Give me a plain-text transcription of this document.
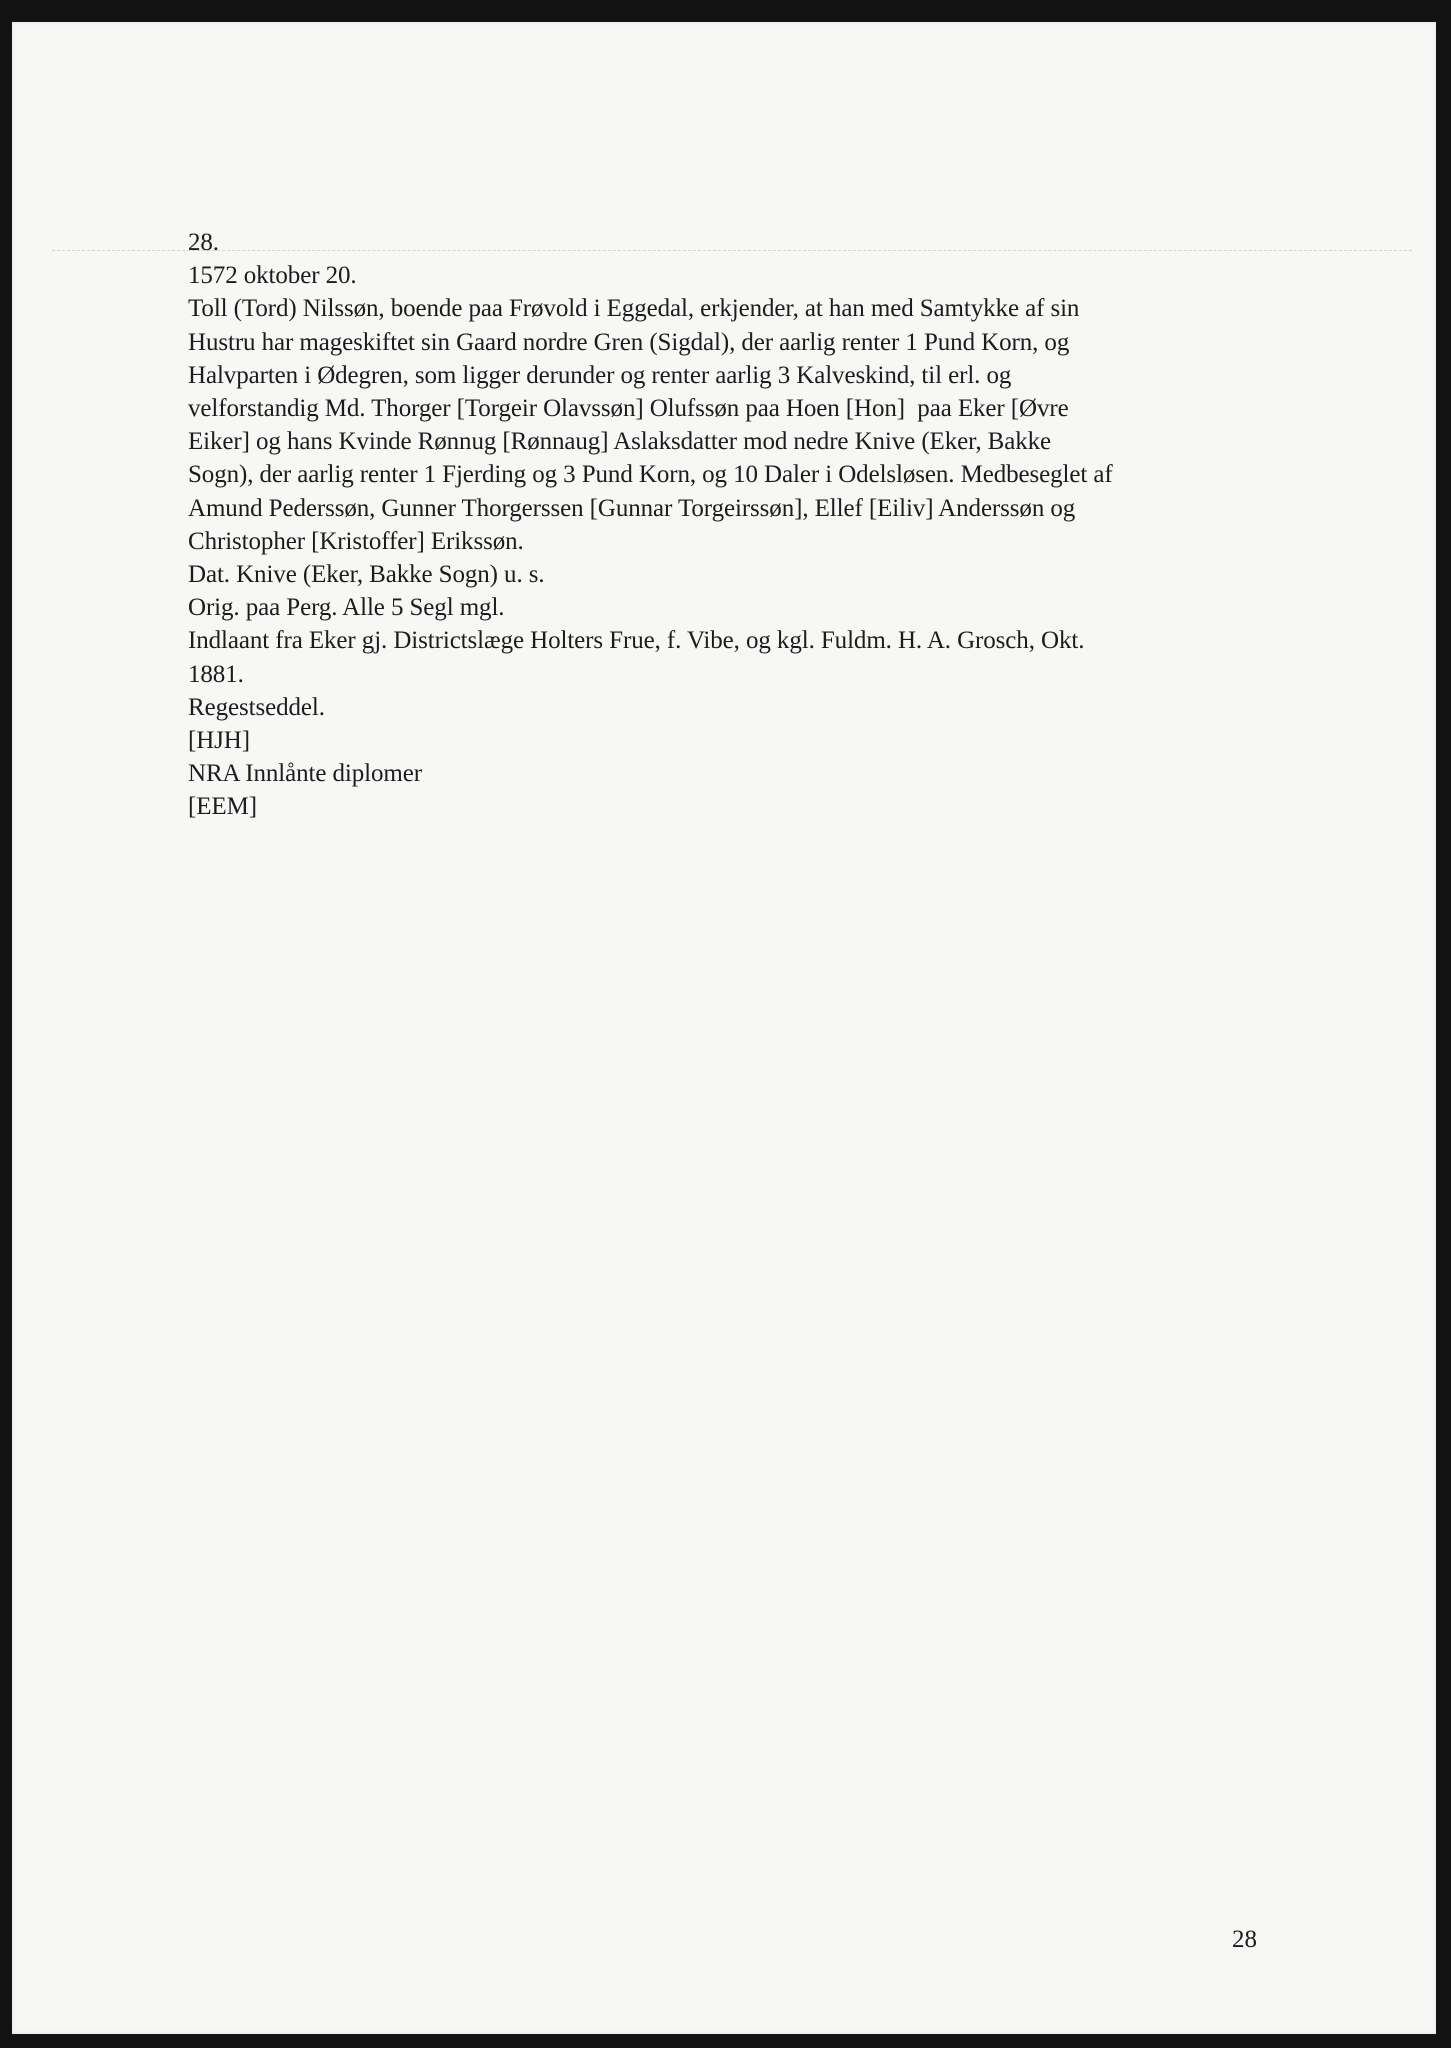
28.
1572 oktober 20.
Toll (Tord) Nilssøn, boende paa Frøvold i Eggedal, erkjender, at han med Samtykke af sin
Hustru har mageskiftet sin Gaard nordre Gren (Sigdal), der aarlig renter 1 Pund Korn, og
Halvparten i Ødegren, som ligger derunder og renter aarlig 3 Kalveskind, til erl. og
velforstandig Md. Thorger [Torgeir Olavssøn] Olufssøn paa Hoen [Hon]  paa Eker [Øvre
Eiker] og hans Kvinde Rønnug [Rønnaug] Aslaksdatter mod nedre Knive (Eker, Bakke
Sogn), der aarlig renter 1 Fjerding og 3 Pund Korn, og 10 Daler i Odelsløsen. Medbeseglet af
Amund Pederssøn, Gunner Thorgerssen [Gunnar Torgeirssøn], Ellef [Eiliv] Anderssøn og
Christopher [Kristoffer] Erikssøn.
Dat. Knive (Eker, Bakke Sogn) u. s.
Orig. paa Perg. Alle 5 Segl mgl.
Indlaant fra Eker gj. Districtslæge Holters Frue, f. Vibe, og kgl. Fuldm. H. A. Grosch, Okt.
1881.
Regestseddel.
[HJH]
NRA Innlånte diplomer
[EEM]
28
